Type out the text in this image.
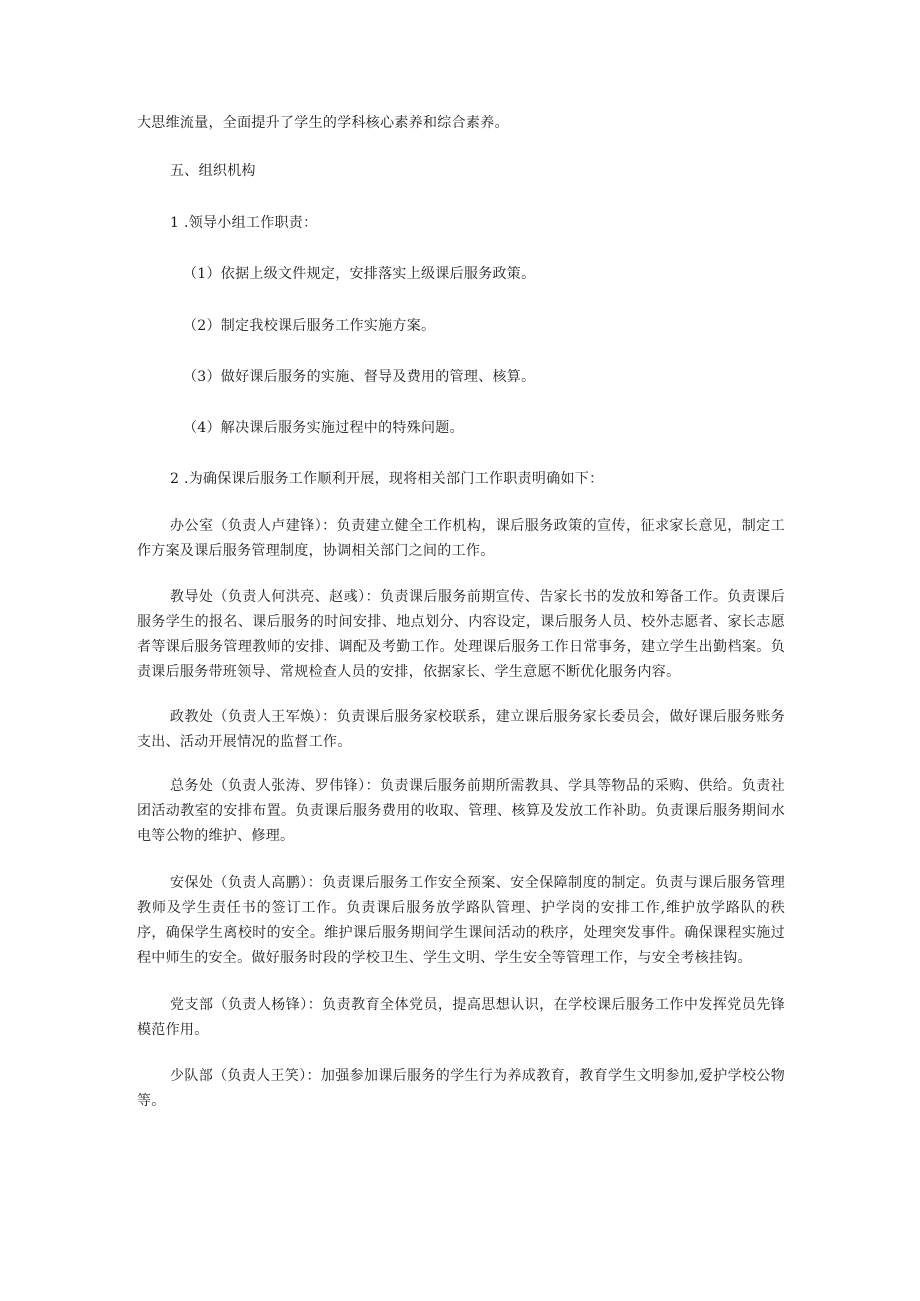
大思维流量，全面提升了学生的学科核心素养和综合素养。

五、组织机构

1 .领导小组工作职责：

（1）依据上级文件规定，安排落实上级课后服务政策。

（2）制定我校课后服务工作实施方案。

（3）做好课后服务的实施、督导及费用的管理、核算。

（4）解决课后服务实施过程中的特殊问题。

2 .为确保课后服务工作顺利开展，现将相关部门工作职责明确如下：

办公室（负责人卢建锋）：负责建立健全工作机构，课后服务政策的宣传，征求家长意见，制定工作方案及课后服务管理制度，协调相关部门之间的工作。

教导处（负责人何洪亮、赵彧）：负责课后服务前期宣传、告家长书的发放和筹备工作。负责课后服务学生的报名、课后服务的时间安排、地点划分、内容设定，课后服务人员、校外志愿者、家长志愿者等课后服务管理教师的安排、调配及考勤工作。处理课后服务工作日常事务，建立学生出勤档案。负责课后服务带班领导、常规检查人员的安排，依据家长、学生意愿不断优化服务内容。

政教处（负责人王军焕）：负责课后服务家校联系，建立课后服务家长委员会，做好课后服务账务支出、活动开展情况的监督工作。

总务处（负责人张涛、罗伟锋）：负责课后服务前期所需教具、学具等物品的采购、供给。负责社团活动教室的安排布置。负责课后服务费用的收取、管理、核算及发放工作补助。负责课后服务期间水电等公物的维护、修理。

安保处（负责人高鹏）：负责课后服务工作安全预案、安全保障制度的制定。负责与课后服务管理教师及学生责任书的签订工作。负责课后服务放学路队管理、护学岗的安排工作,维护放学路队的秩序，确保学生离校时的安全。维护课后服务期间学生课间活动的秩序，处理突发事件。确保课程实施过程中师生的安全。做好服务时段的学校卫生、学生文明、学生安全等管理工作，与安全考核挂钩。

党支部（负责人杨锋）：负责教育全体党员，提高思想认识，在学校课后服务工作中发挥党员先锋模范作用。

少队部（负责人王笑）：加强参加课后服务的学生行为养成教育，教育学生文明参加,爱护学校公物等。
